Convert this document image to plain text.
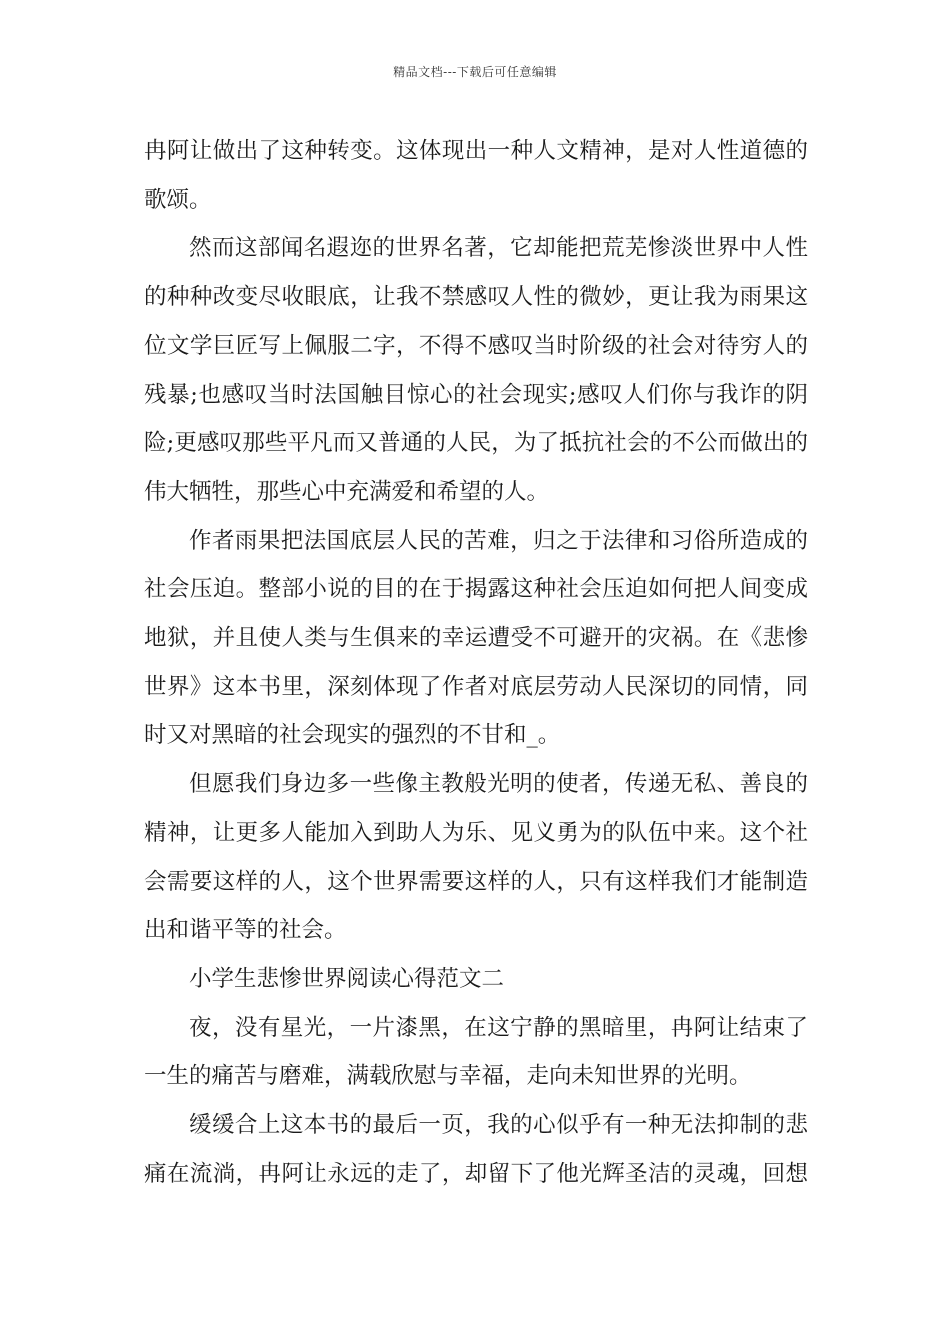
精品文档---下载后可任意编辑

冉阿让做出了这种转变。这体现出一种人文精神，是对人性道德的歌颂。

然而这部闻名遐迩的世界名著，它却能把荒芜惨淡世界中人性的种种改变尽收眼底，让我不禁感叹人性的微妙，更让我为雨果这位文学巨匠写上佩服二字，不得不感叹当时阶级的社会对待穷人的残暴;也感叹当时法国触目惊心的社会现实;感叹人们你与我诈的阴险;更感叹那些平凡而又普通的人民，为了抵抗社会的不公而做出的伟大牺牲，那些心中充满爱和希望的人。

作者雨果把法国底层人民的苦难，归之于法律和习俗所造成的社会压迫。整部小说的目的在于揭露这种社会压迫如何把人间变成地狱，并且使人类与生俱来的幸运遭受不可避开的灾祸。在《悲惨世界》这本书里，深刻体现了作者对底层劳动人民深切的同情，同时又对黑暗的社会现实的强烈的不甘和_。

但愿我们身边多一些像主教般光明的使者，传递无私、善良的精神，让更多人能加入到助人为乐、见义勇为的队伍中来。这个社会需要这样的人，这个世界需要这样的人，只有这样我们才能制造出和谐平等的社会。

小学生悲惨世界阅读心得范文二

夜，没有星光，一片漆黑，在这宁静的黑暗里，冉阿让结束了一生的痛苦与磨难，满载欣慰与幸福，走向未知世界的光明。

缓缓合上这本书的最后一页，我的心似乎有一种无法抑制的悲痛在流淌，冉阿让永远的走了，却留下了他光辉圣洁的灵魂，回想
